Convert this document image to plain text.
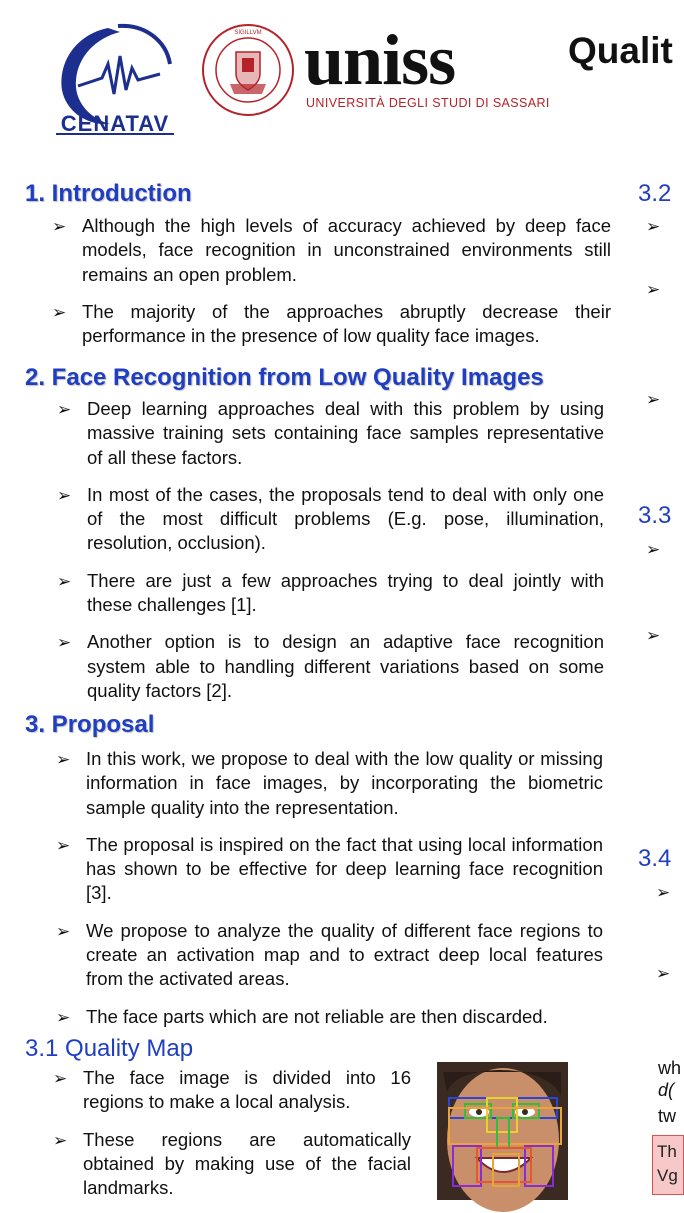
CENATAV
SIGILLVM uniss
UNIVERSITÀ DEGLI STUDI DI SASSARI
Qualit
1. Introduction
➢ Although the high levels of accuracy achieved by deep face models, face recognition in unconstrained environments still remains an open problem.
➢ The majority of the approaches abruptly decrease their performance in the presence of low quality face images.
2. Face Recognition from Low Quality Images
➢ Deep learning approaches deal with this problem by using massive training sets containing face samples representative of all these factors.
➢ In most of the cases, the proposals tend to deal with only one of the most difficult problems (E.g. pose, illumination, resolution, occlusion).
➢ There are just a few approaches trying to deal jointly with these challenges [1].
➢ Another option is to design an adaptive face recognition system able to handling different variations based on some quality factors [2].
3. Proposal
➢ In this work, we propose to deal with the low quality or missing information in face images, by incorporating the biometric sample quality into the representation.
➢ The proposal is inspired on the fact that using local information has shown to be effective for deep learning face recognition [3].
➢ We propose to analyze the quality of different face regions to create an activation map and to extract deep local features from the activated areas.
➢ The face parts which are not reliable are then discarded.
3.1 Quality Map
➢ The face image is divided into 16 regions to make a local analysis.
➢ These regions are automatically obtained by making use of the facial landmarks.
3.2
➢
➢
➢
3.3
➢
➢
3.4
➢
➢
wh
d(
tw
Th
Vg
